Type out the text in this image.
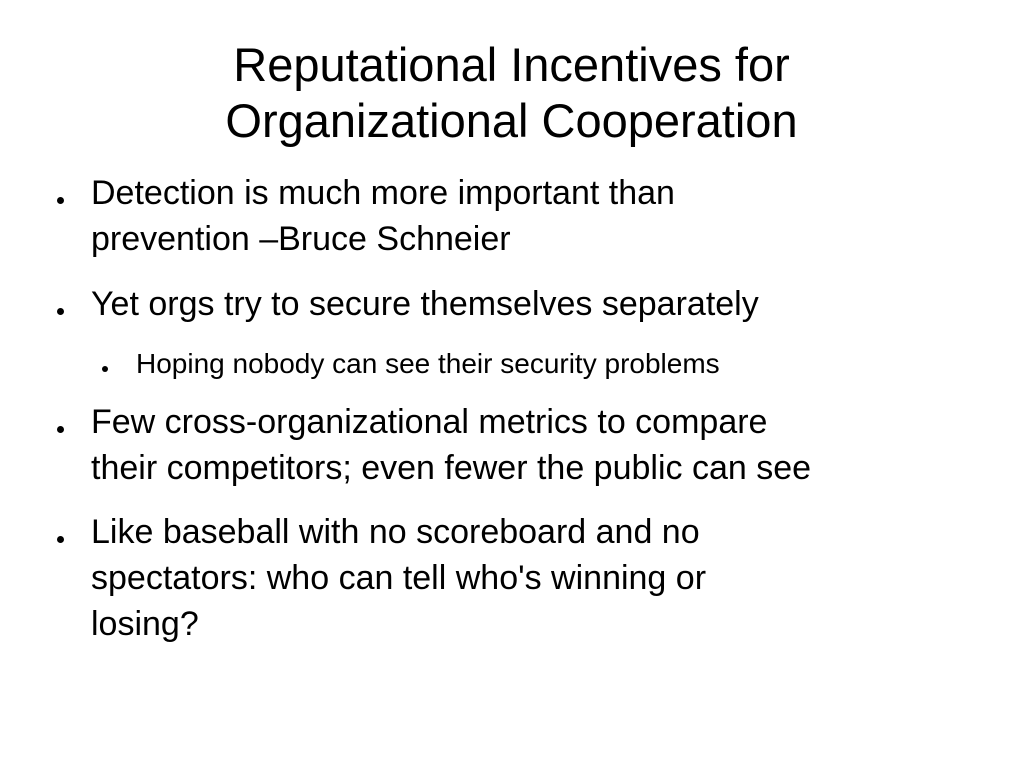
Reputational Incentives for
Organizational Cooperation
Detection is much more important than
prevention –Bruce Schneier
Yet orgs try to secure themselves separately
Hoping nobody can see their security problems
Few cross-organizational metrics to compare
their competitors; even fewer the public can see
Like baseball with no scoreboard and no
spectators: who can tell who's winning or
losing?
